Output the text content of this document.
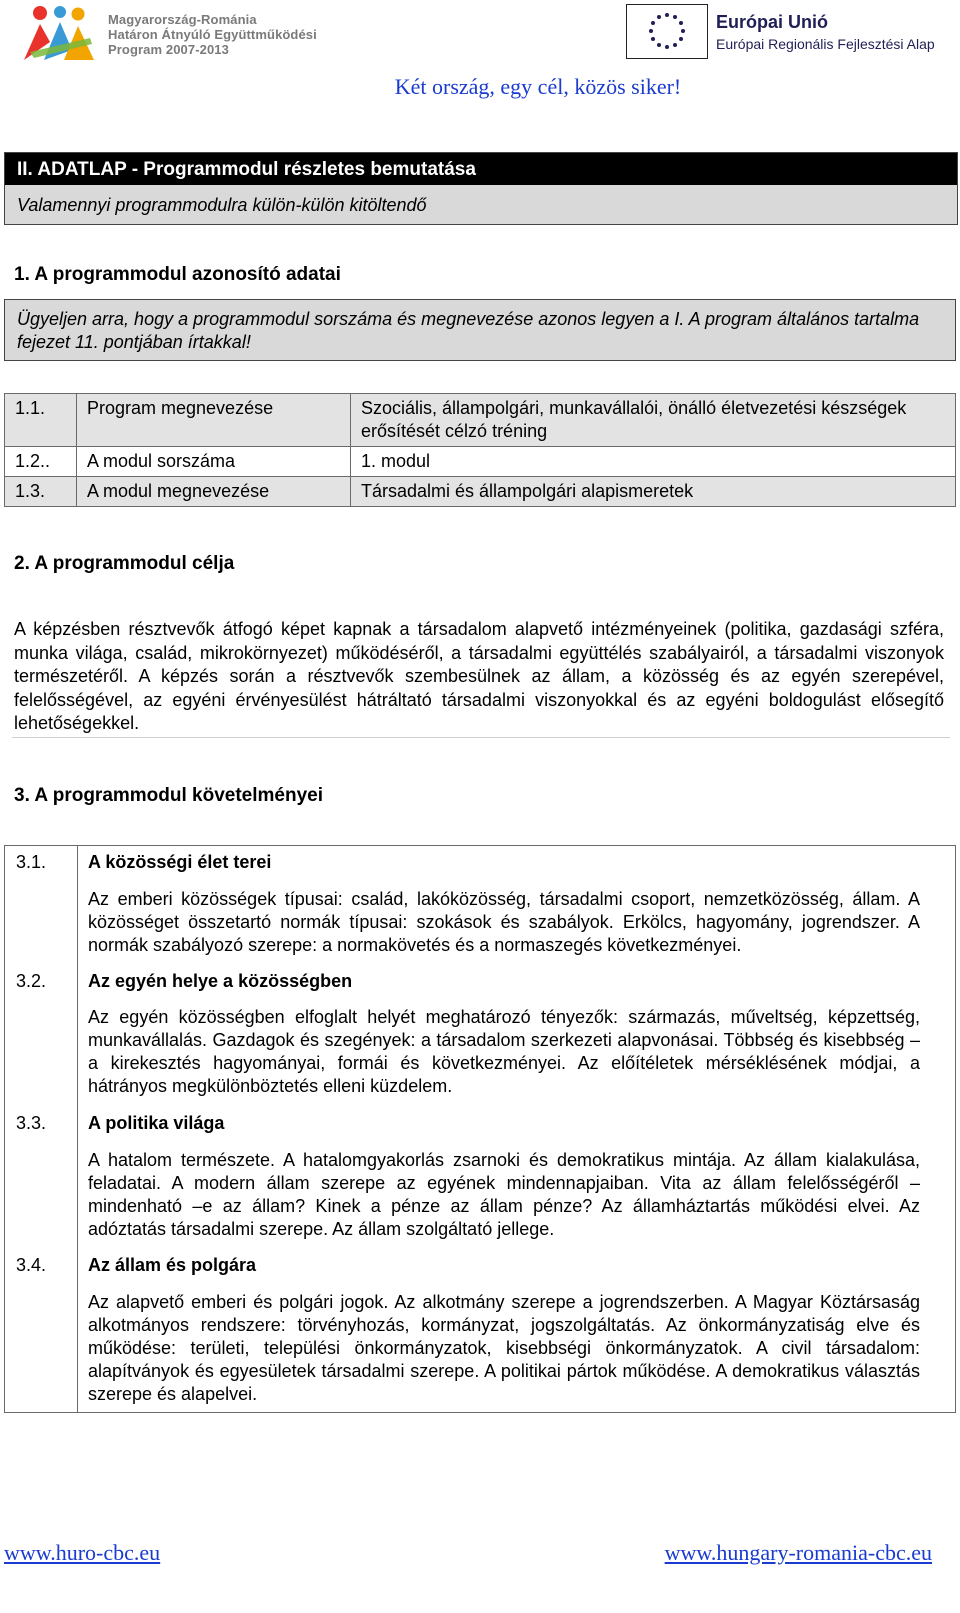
Magyarország-Románia
Határon Átnyúló Együttműködési
Program 2007-2013
Európai Unió
Európai Regionális Fejlesztési Alap
Két ország, egy cél, közös siker!
II. ADATLAP - Programmodul részletes bemutatása
Valamennyi programmodulra külön-külön kitöltendő
1. A programmodul azonosító adatai
Ügyeljen arra, hogy a programmodul sorszáma és megnevezése azonos legyen a I. A program általános tartalma fejezet 11. pontjában írtakkal!
1.1.	Program megnevezése	Szociális, állampolgári, munkavállalói, önálló életvezetési készségek erősítését célzó tréning
1.2..	A modul sorszáma	1. modul
1.3.	A modul megnevezése	Társadalmi és állampolgári alapismeretek
2. A programmodul célja
A képzésben résztvevők átfogó képet kapnak a társadalom alapvető intézményeinek (politika, gazdasági szféra, munka világa, család, mikrokörnyezet) működéséről, a társadalmi együttélés szabályairól, a társadalmi viszonyok természetéről. A képzés során a résztvevők szembesülnek az állam, a közösség és az egyén szerepével, felelősségével, az egyéni érvényesülést hátráltató társadalmi viszonyokkal és az egyéni boldogulást elősegítő lehetőségekkel.
3. A programmodul követelményei
3.1. A közösségi élet terei
Az emberi közösségek típusai: család, lakóközösség, társadalmi csoport, nemzetközösség, állam. A közösséget összetartó normák típusai: szokások és szabályok. Erkölcs, hagyomány, jogrendszer. A normák szabályozó szerepe: a normakövetés és a normaszegés következményei.
3.2. Az egyén helye a közösségben
Az egyén közösségben elfoglalt helyét meghatározó tényezők: származás, műveltség, képzettség, munkavállalás. Gazdagok és szegények: a társadalom szerkezeti alapvonásai. Többség és kisebbség – a kirekesztés hagyományai, formái és következményei. Az előítéletek mérséklésének módjai, a hátrányos megkülönböztetés elleni küzdelem.
3.3. A politika világa
A hatalom természete. A hatalomgyakorlás zsarnoki és demokratikus mintája. Az állam kialakulása, feladatai. A modern állam szerepe az egyének mindennapjaiban. Vita az állam felelősségéről – mindenható –e az állam? Kinek a pénze az állam pénze? Az államháztartás működési elvei. Az adóztatás társadalmi szerepe. Az állam szolgáltató jellege.
3.4. Az állam és polgára
Az alapvető emberi és polgári jogok. Az alkotmány szerepe a jogrendszerben. A Magyar Köztársaság alkotmányos rendszere: törvényhozás, kormányzat, jogszolgáltatás. Az önkormányzatiság elve és működése: területi, települési önkormányzatok, kisebbségi önkormányzatok. A civil társadalom: alapítványok és egyesületek társadalmi szerepe. A politikai pártok működése. A demokratikus választás szerepe és alapelvei.
www.huro-cbc.eu	www.hungary-romania-cbc.eu
